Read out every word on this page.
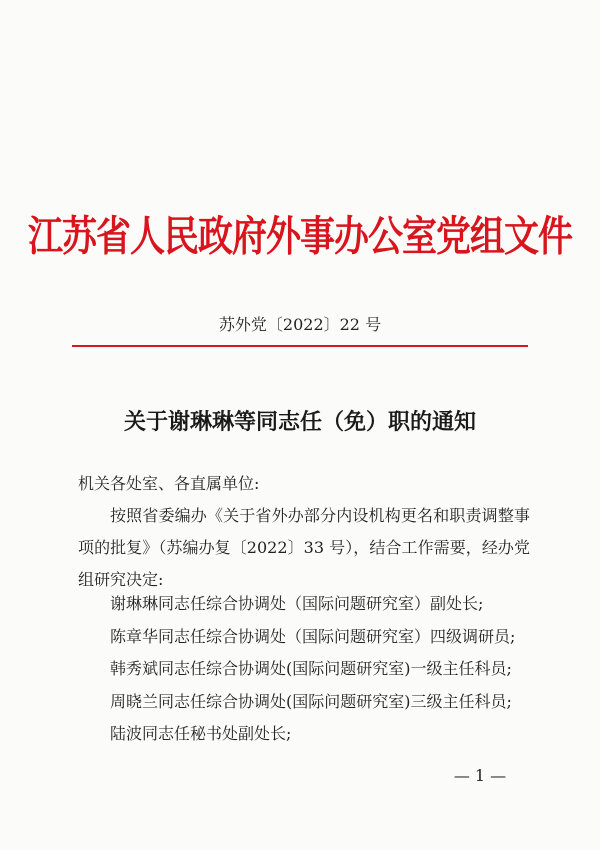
江苏省人民政府外事办公室党组文件
苏外党〔2022〕22 号
关于谢琳琳等同志任（免）职的通知
机关各处室、各直属单位:
按照省委编办《关于省外办部分内设机构更名和职责调整事项的批复》（苏编办复〔2022〕33 号），结合工作需要，经办党组研究决定:
谢琳琳同志任综合协调处（国际问题研究室）副处长;
陈章华同志任综合协调处（国际问题研究室）四级调研员;
韩秀斌同志任综合协调处(国际问题研究室)一级主任科员;
周晓兰同志任综合协调处(国际问题研究室)三级主任科员;
陆波同志任秘书处副处长;
— 1 —
